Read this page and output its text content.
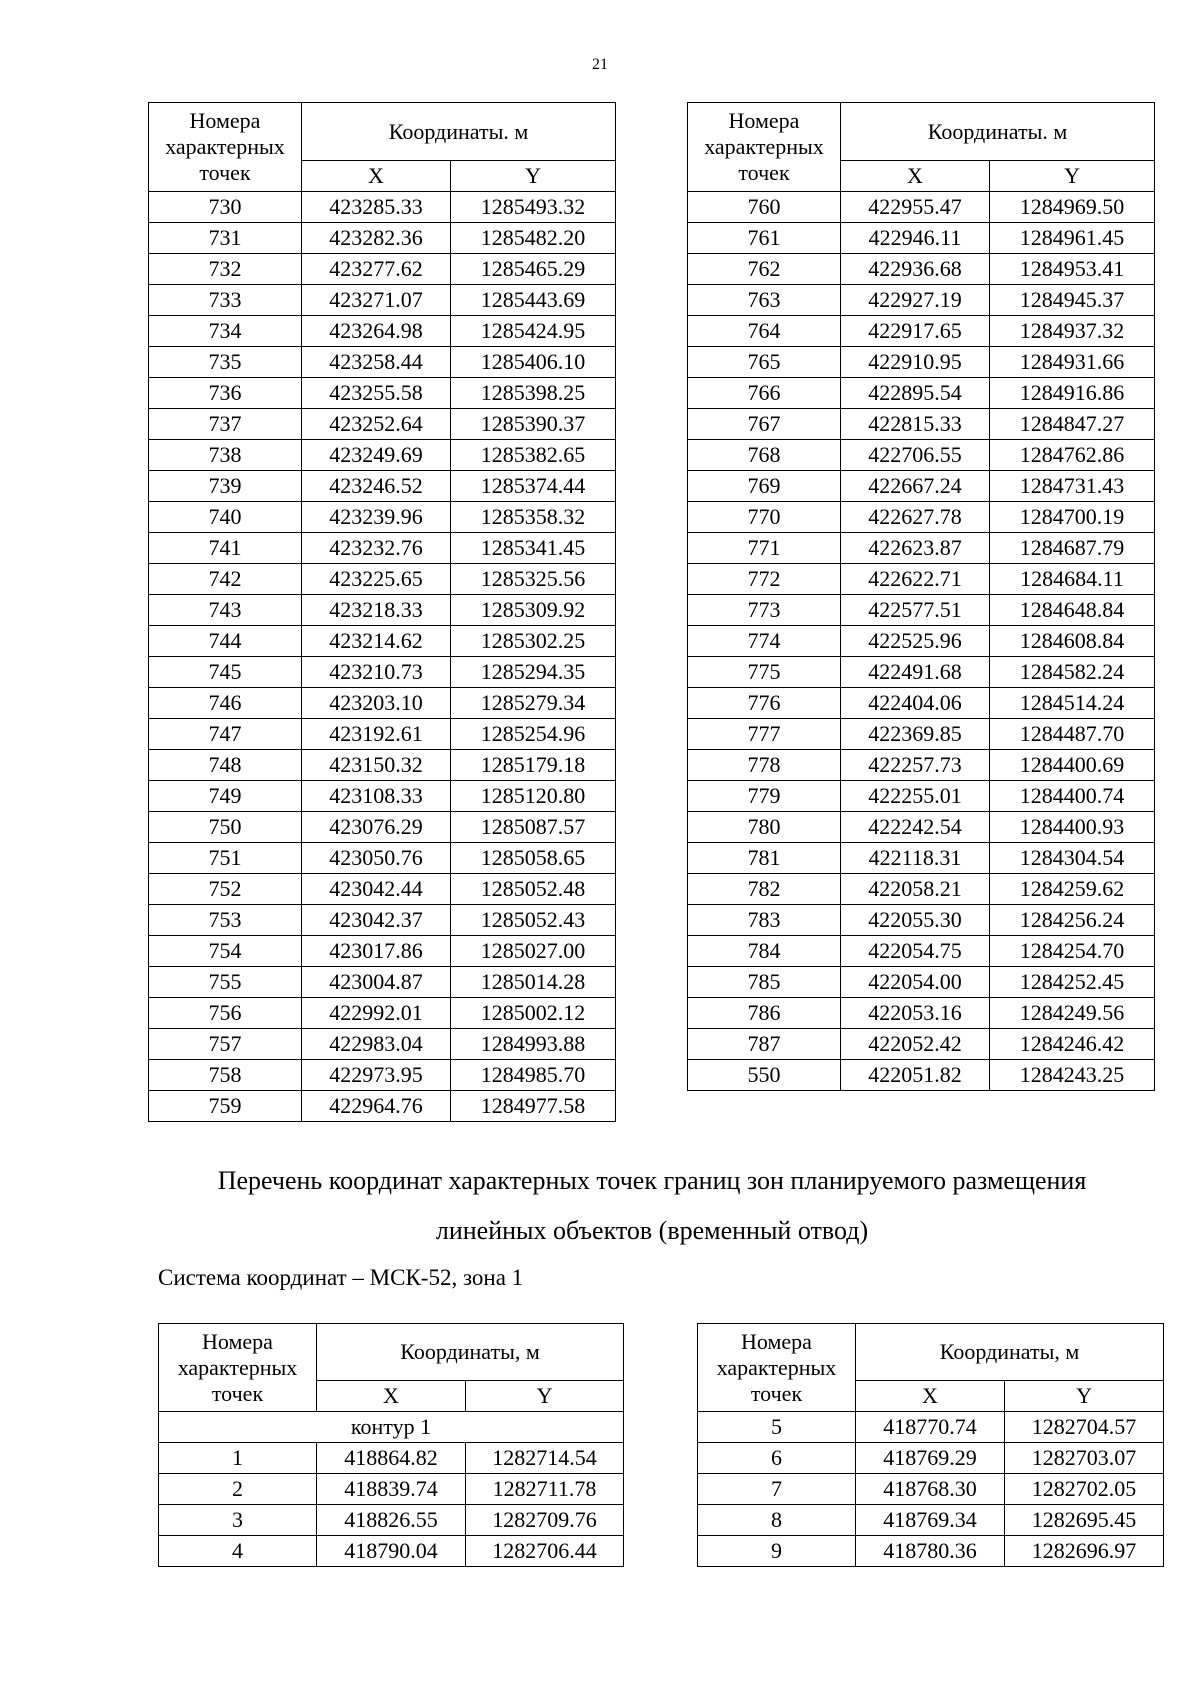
21
Номера характерных точек	Координаты. м	
	X	Y
730	423285.33	1285493.32
731	423282.36	1285482.20
732	423277.62	1285465.29
733	423271.07	1285443.69
734	423264.98	1285424.95
735	423258.44	1285406.10
736	423255.58	1285398.25
737	423252.64	1285390.37
738	423249.69	1285382.65
739	423246.52	1285374.44
740	423239.96	1285358.32
741	423232.76	1285341.45
742	423225.65	1285325.56
743	423218.33	1285309.92
744	423214.62	1285302.25
745	423210.73	1285294.35
746	423203.10	1285279.34
747	423192.61	1285254.96
748	423150.32	1285179.18
749	423108.33	1285120.80
750	423076.29	1285087.57
751	423050.76	1285058.65
752	423042.44	1285052.48
753	423042.37	1285052.43
754	423017.86	1285027.00
755	423004.87	1285014.28
756	422992.01	1285002.12
757	422983.04	1284993.88
758	422973.95	1284985.70
759	422964.76	1284977.58
Номера характерных точек	Координаты. м	
	X	Y
760	422955.47	1284969.50
761	422946.11	1284961.45
762	422936.68	1284953.41
763	422927.19	1284945.37
764	422917.65	1284937.32
765	422910.95	1284931.66
766	422895.54	1284916.86
767	422815.33	1284847.27
768	422706.55	1284762.86
769	422667.24	1284731.43
770	422627.78	1284700.19
771	422623.87	1284687.79
772	422622.71	1284684.11
773	422577.51	1284648.84
774	422525.96	1284608.84
775	422491.68	1284582.24
776	422404.06	1284514.24
777	422369.85	1284487.70
778	422257.73	1284400.69
779	422255.01	1284400.74
780	422242.54	1284400.93
781	422118.31	1284304.54
782	422058.21	1284259.62
783	422055.30	1284256.24
784	422054.75	1284254.70
785	422054.00	1284252.45
786	422053.16	1284249.56
787	422052.42	1284246.42
550	422051.82	1284243.25
Перечень координат характерных точек границ зон планируемого размещения
линейных объектов (временный отвод)
Система координат – МСК-52, зона 1
Номера характерных точек	Координаты, м	
	X	Y
контур 1		
1	418864.82	1282714.54
2	418839.74	1282711.78
3	418826.55	1282709.76
4	418790.04	1282706.44
Номера характерных точек	Координаты, м	
	X	Y
5	418770.74	1282704.57
6	418769.29	1282703.07
7	418768.30	1282702.05
8	418769.34	1282695.45
9	418780.36	1282696.97
